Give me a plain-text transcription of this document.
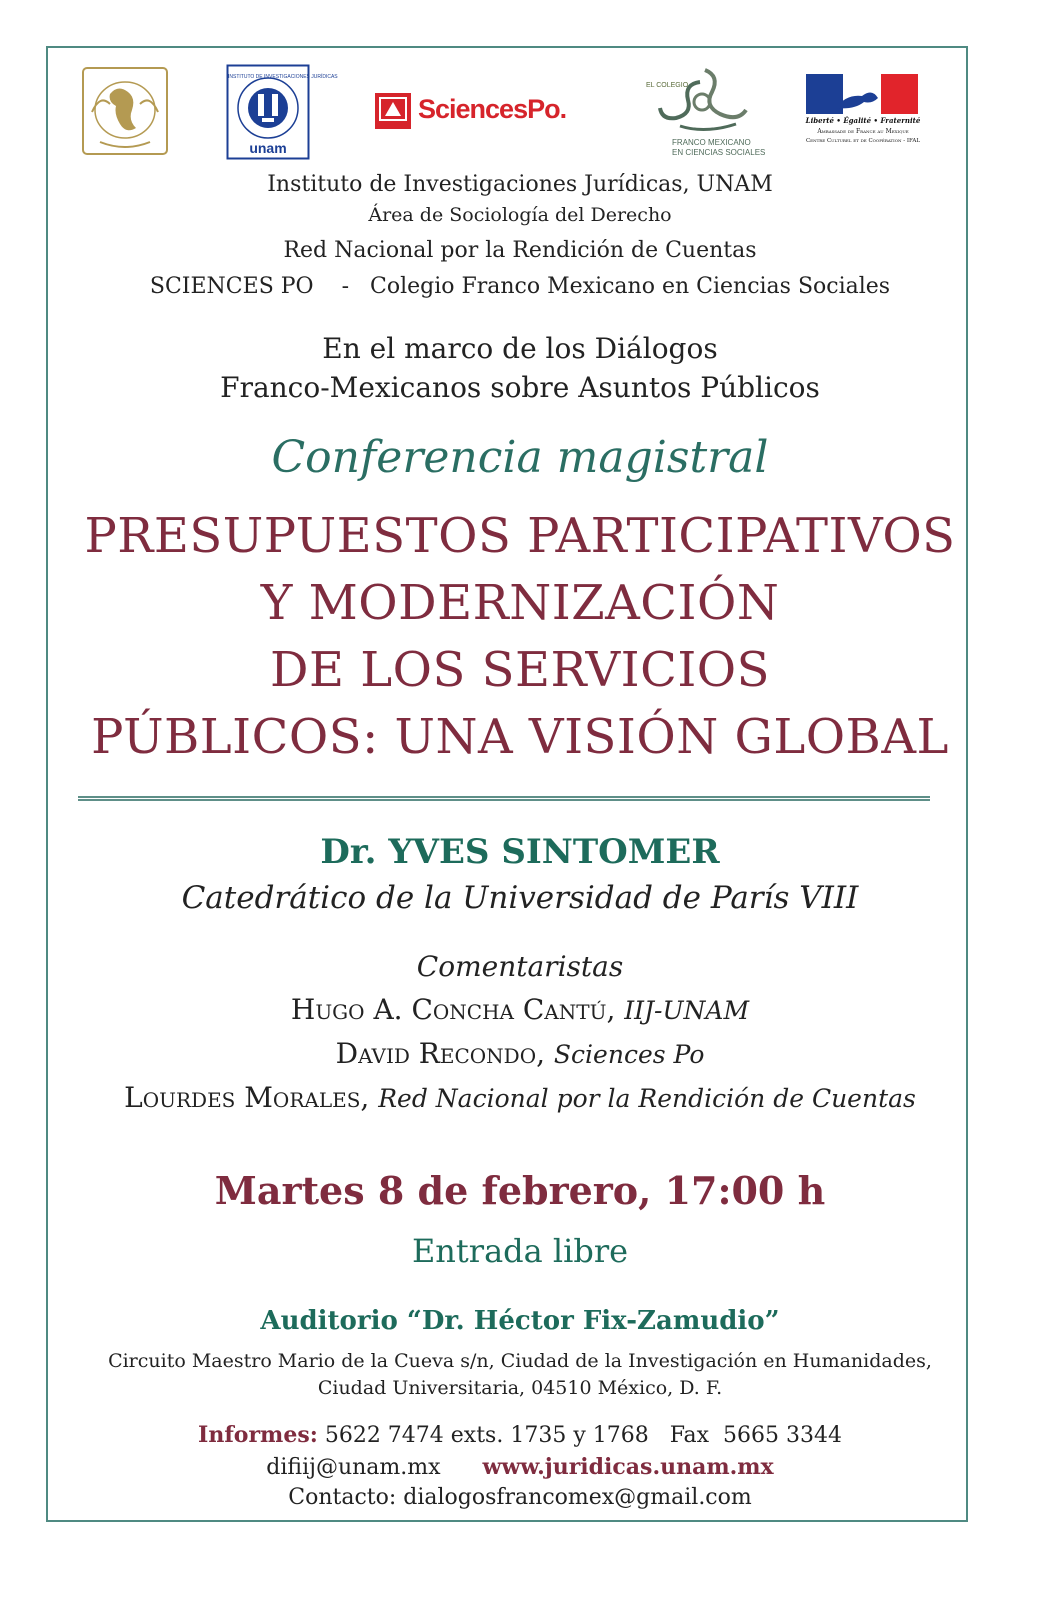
INSTITUTO DE INVESTIGACIONES JURÍDICAS
unam
SciencesPo.
EL COLEGIO
FRANCO MEXICANO
EN CIENCIAS SOCIALES
Liberté • Égalité • Fraternité
Ambassade de France au Mexique
Centre Culturel et de Coopération - IFAL
Instituto de Investigaciones Jurídicas, UNAM
Área de Sociología del Derecho
Red Nacional por la Rendición de Cuentas
SCIENCES PO - Colegio Franco Mexicano en Ciencias Sociales
En el marco de los Diálogos
Franco-Mexicanos sobre Asuntos Públicos
Conferencia magistral
PRESUPUESTOS PARTICIPATIVOS
Y MODERNIZACIÓN
DE LOS SERVICIOS
PÚBLICOS: UNA VISIÓN GLOBAL
Dr. YVES SINTOMER
Catedrático de la Universidad de París VIII
Comentaristas
Hugo A. Concha Cantú, IIJ-UNAM
David Recondo, Sciences Po
Lourdes Morales, Red Nacional por la Rendición de Cuentas
Martes 8 de febrero, 17:00 h
Entrada libre
Auditorio “Dr. Héctor Fix-Zamudio”
Circuito Maestro Mario de la Cueva s/n, Ciudad de la Investigación en Humanidades,
Ciudad Universitaria, 04510 México, D. F.
Informes: 5622 7474 exts. 1735 y 1768   Fax  5665 3344
difiij@unam.mx www.juridicas.unam.mx
Contacto: dialogosfrancomex@gmail.com
